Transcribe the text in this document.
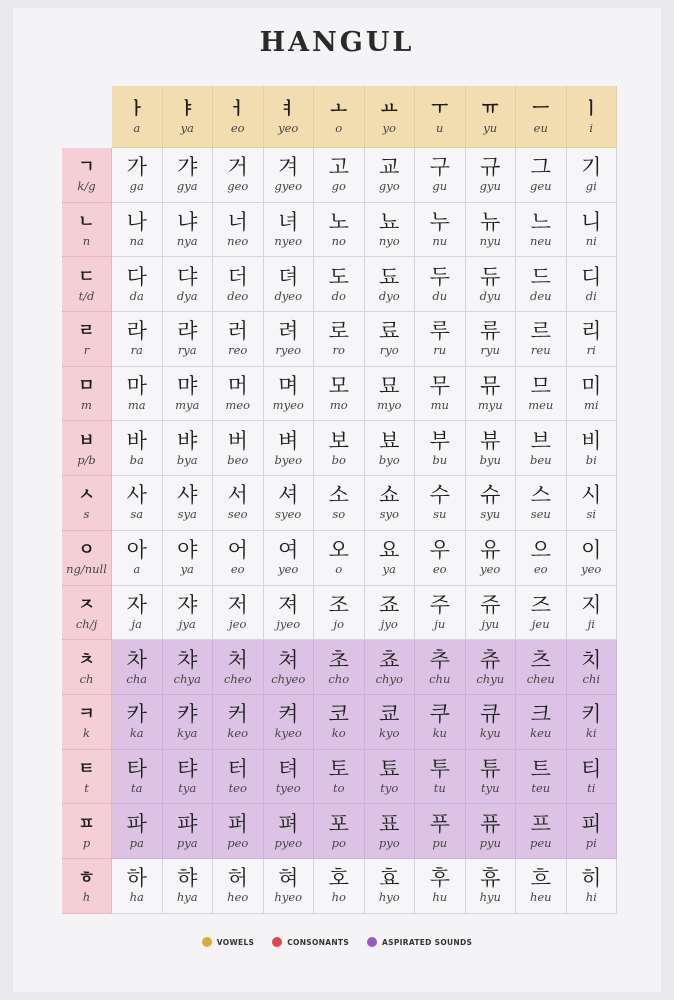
HANGUL
ㅏ
a
ㅑ
ya
ㅓ
eo
ㅕ
yeo
ㅗ
o
ㅛ
yo
ㅜ
u
ㅠ
yu
ㅡ
eu
ㅣ
i
ㄱ
k/g
가
ga
갸
gya
거
geo
겨
gyeo
고
go
교
gyo
구
gu
규
gyu
그
geu
기
gi
ㄴ
n
나
na
냐
nya
너
neo
녀
nyeo
노
no
뇨
nyo
누
nu
뉴
nyu
느
neu
니
ni
ㄷ
t/d
다
da
댜
dya
더
deo
뎌
dyeo
도
do
됴
dyo
두
du
듀
dyu
드
deu
디
di
ㄹ
r
라
ra
랴
rya
러
reo
려
ryeo
로
ro
료
ryo
루
ru
류
ryu
르
reu
리
ri
ㅁ
m
마
ma
먀
mya
머
meo
며
myeo
모
mo
묘
myo
무
mu
뮤
myu
므
meu
미
mi
ㅂ
p/b
바
ba
뱌
bya
버
beo
벼
byeo
보
bo
뵤
byo
부
bu
뷰
byu
브
beu
비
bi
ㅅ
s
사
sa
샤
sya
서
seo
셔
syeo
소
so
쇼
syo
수
su
슈
syu
스
seu
시
si
ㅇ
ng/null
아
a
야
ya
어
eo
여
yeo
오
o
요
ya
우
eo
유
yeo
으
eo
이
yeo
ㅈ
ch/j
자
ja
쟈
jya
저
jeo
져
jyeo
조
jo
죠
jyo
주
ju
쥬
jyu
즈
jeu
지
ji
ㅊ
ch
차
cha
챠
chya
처
cheo
쳐
chyeo
초
cho
쵸
chyo
추
chu
츄
chyu
츠
cheu
치
chi
ㅋ
k
카
ka
캬
kya
커
keo
켜
kyeo
코
ko
쿄
kyo
쿠
ku
큐
kyu
크
keu
키
ki
ㅌ
t
타
ta
탸
tya
터
teo
텨
tyeo
토
to
툐
tyo
투
tu
튜
tyu
트
teu
티
ti
ㅍ
p
파
pa
퍄
pya
퍼
peo
펴
pyeo
포
po
표
pyo
푸
pu
퓨
pyu
프
peu
피
pi
ㅎ
h
하
ha
햐
hya
허
heo
혀
hyeo
호
ho
효
hyo
후
hu
휴
hyu
흐
heu
히
hi
VOWELS	CONSONANTS	ASPIRATED SOUNDS
